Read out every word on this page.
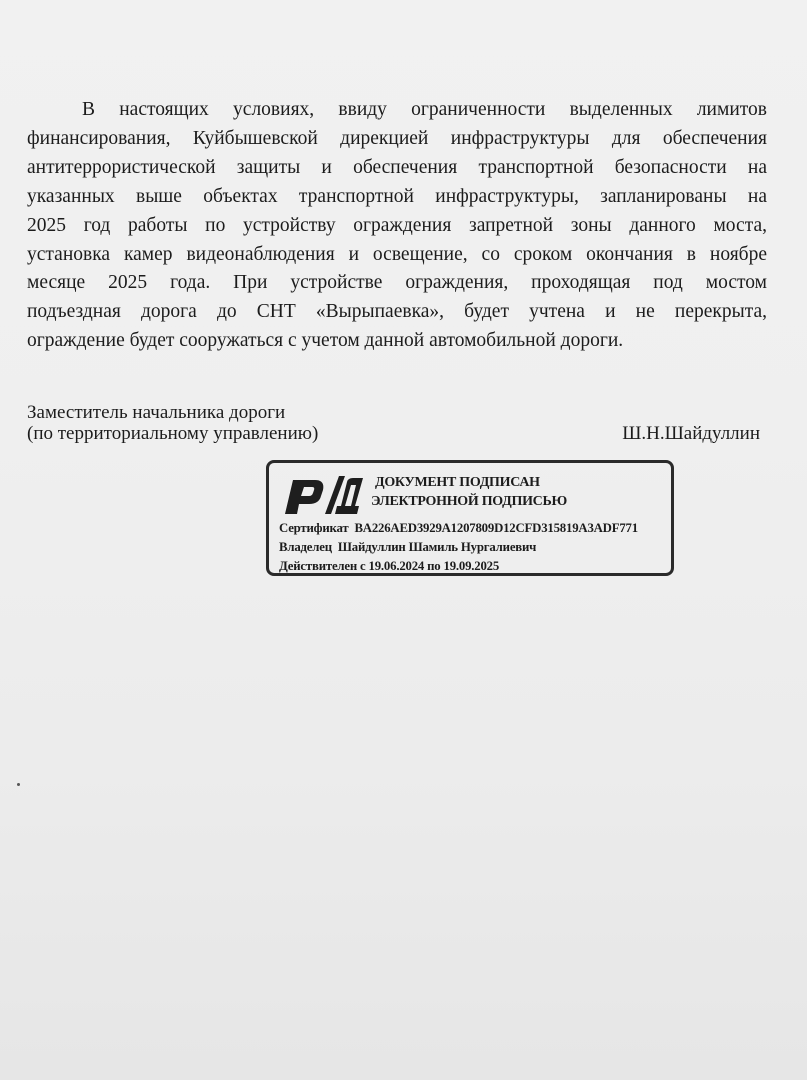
В настоящих условиях, ввиду ограниченности выделенных лимитов
финансирования, Куйбышевской дирекцией инфраструктуры для обеспечения
антитеррористической защиты и обеспечения транспортной безопасности на
указанных выше объектах транспортной инфраструктуры, запланированы на
2025 год работы по устройству ограждения запретной зоны данного моста,
установка камер видеонаблюдения и освещение, со сроком окончания в ноябре
месяце 2025 года. При устройстве ограждения, проходящая под мостом
подъездная дорога до СНТ «Вырыпаевка», будет учтена и не перекрыта,
ограждение будет сооружаться с учетом данной автомобильной дороги.
Заместитель начальника дороги
(по территориальному управлению)	Ш.Н.Шайдуллин
ДОКУМЕНТ ПОДПИСАН
ЭЛЕКТРОННОЙ ПОДПИСЬЮ
Сертификат BA226AED3929A1207809D12CFD315819A3ADF771
Владелец Шайдуллин Шамиль Нургалиевич
Действителен с 19.06.2024 по 19.09.2025
